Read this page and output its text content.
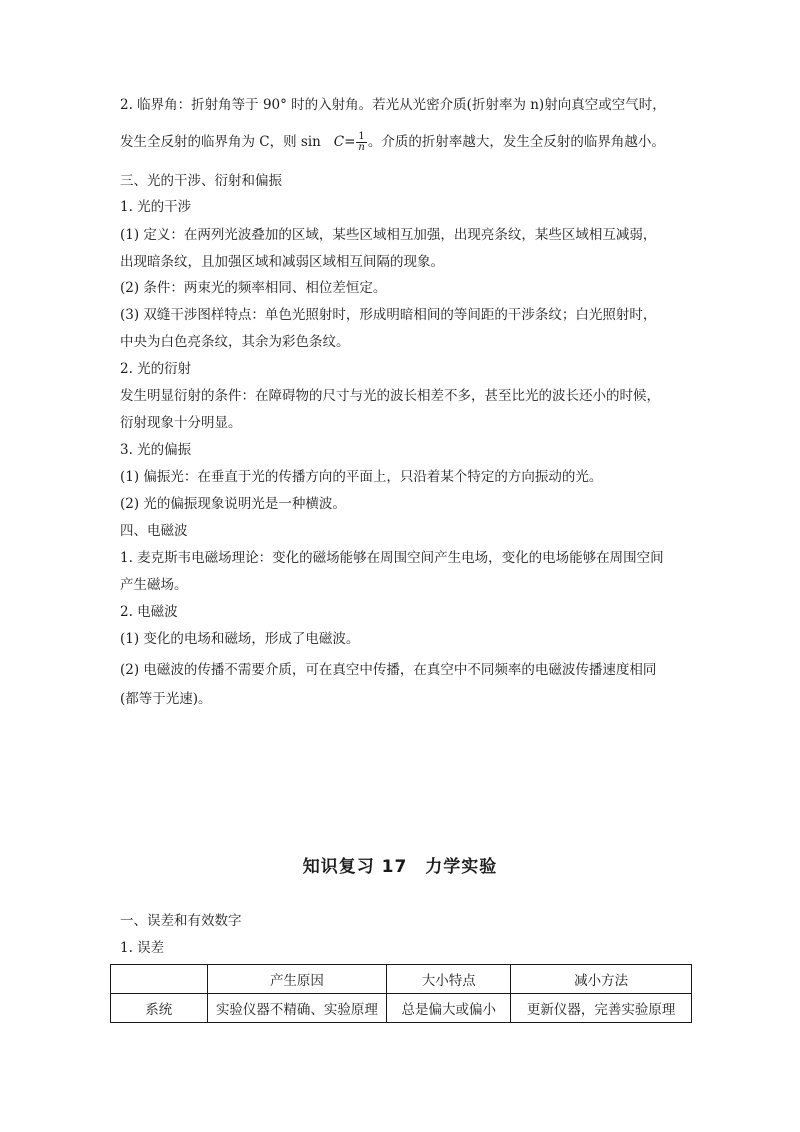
2. 临界角：折射角等于 90° 时的入射角。若光从光密介质(折射率为 n)射向真空或空气时，
发生全反射的临界角为 C，则 $\sin C= \frac{1}{n}$ 。介质的折射率越大，发生全反射的临界角越小。
三、光的干涉、衍射和偏振
1. 光的干涉
(1) 定义：在两列光波叠加的区域，某些区域相互加强，出现亮条纹，某些区域相互减弱，
出现暗条纹，且加强区域和减弱区域相互间隔的现象。
(2) 条件：两束光的频率相同、相位差恒定。
(3) 双缝干涉图样特点：单色光照射时，形成明暗相间的等间距的干涉条纹；白光照射时，
中央为白色亮条纹，其余为彩色条纹。
2. 光的衍射
发生明显衍射的条件：在障碍物的尺寸与光的波长相差不多，甚至比光的波长还小的时候，
衍射现象十分明显。
3. 光的偏振
(1) 偏振光：在垂直于光的传播方向的平面上，只沿着某个特定的方向振动的光。
(2) 光的偏振现象说明光是一种横波。
四、电磁波
1. 麦克斯韦电磁场理论：变化的磁场能够在周围空间产生电场，变化的电场能够在周围空间
产生磁场。
2. 电磁波
(1) 变化的电场和磁场，形成了电磁波。
(2) 电磁波的传播不需要介质，可在真空中传播，在真空中不同频率的电磁波传播速度相同
(都等于光速)。
知识复习 17　力学实验
一、误差和有效数字
1. 误差
	产生原因	大小特点	减小方法
系统	实验仪器不精确、实验原理	总是偏大或偏小	更新仪器，完善实验原理
